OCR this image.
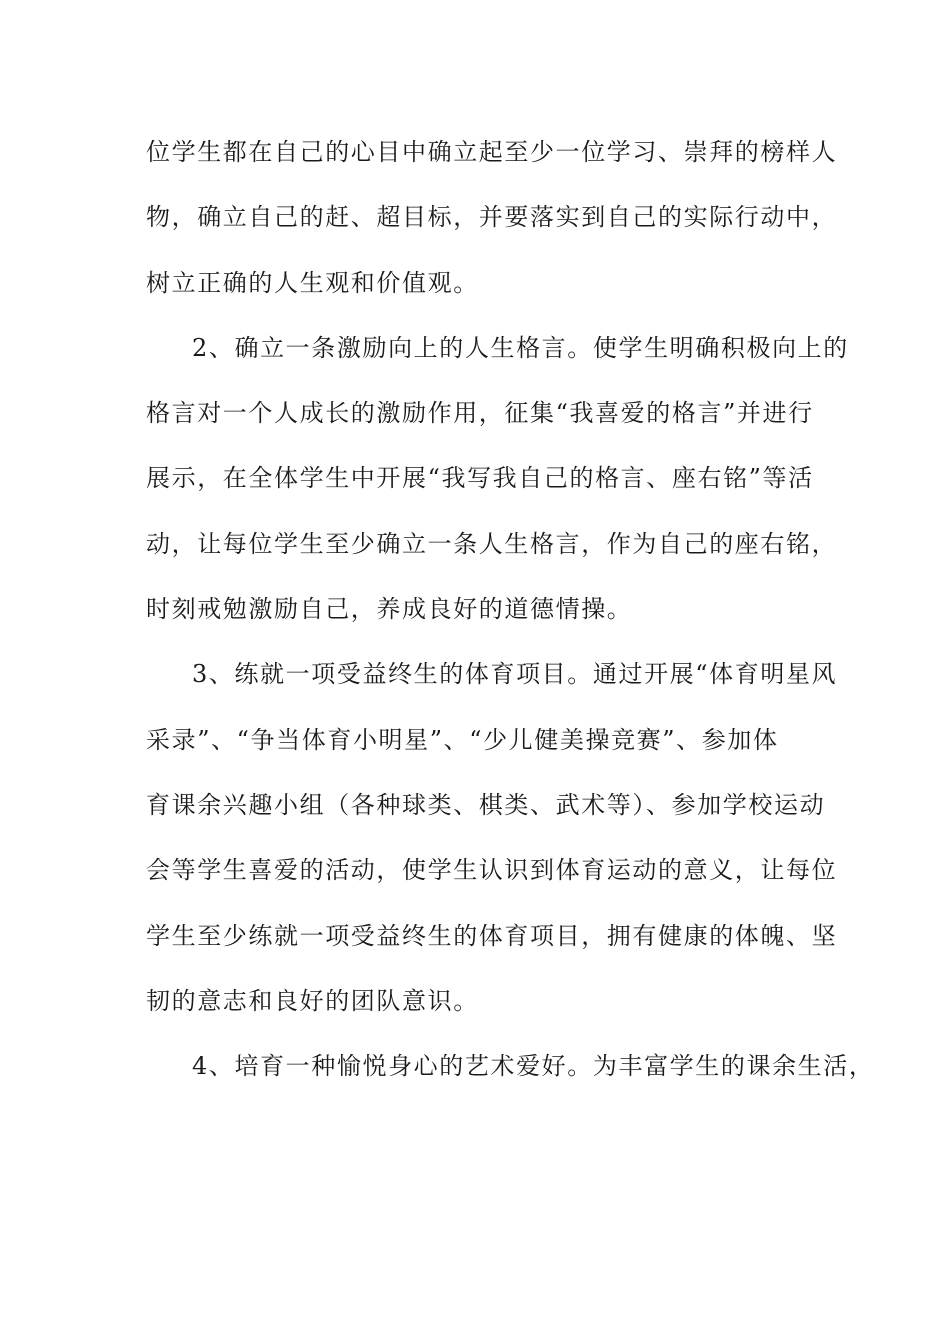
位学生都在自己的心目中确立起至少一位学习、崇拜的榜样人
物，确立自己的赶、超目标，并要落实到自己的实际行动中，
树立正确的人生观和价值观。
2、确立一条激励向上的人生格言。使学生明确积极向上的
格言对一个人成长的激励作用，征集“我喜爱的格言”并进行
展示，在全体学生中开展“我写我自己的格言、座右铭”等活
动，让每位学生至少确立一条人生格言，作为自己的座右铭，
时刻戒勉激励自己，养成良好的道德情操。
3、练就一项受益终生的体育项目。通过开展“体育明星风
采录”、“争当体育小明星”、“少儿健美操竞赛”、参加体
育课余兴趣小组（各种球类、棋类、武术等）、参加学校运动
会等学生喜爱的活动，使学生认识到体育运动的意义，让每位
学生至少练就一项受益终生的体育项目，拥有健康的体魄、坚
韧的意志和良好的团队意识。
4、培育一种愉悦身心的艺术爱好。为丰富学生的课余生活，
